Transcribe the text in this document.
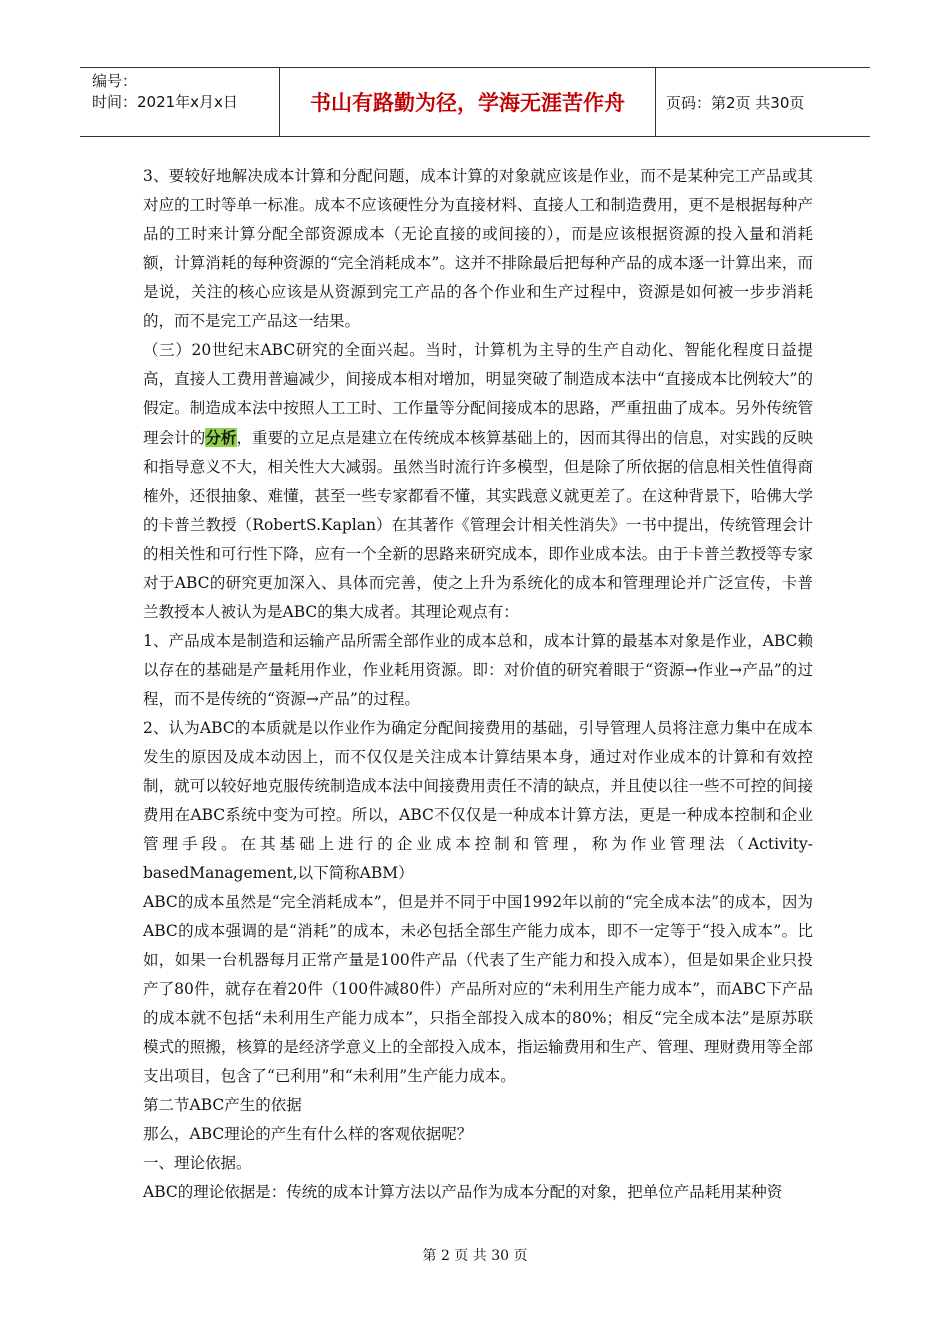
编号：
时间：2021年x月x日	书山有路勤为径，学海无涯苦作舟	页码：第2页 共30页

3、要较好地解决成本计算和分配问题，成本计算的对象就应该是作业，而不是某种完工产品或其对应的工时等单一标准。成本不应该硬性分为直接材料、直接人工和制造费用，更不是根据每种产品的工时来计算分配全部资源成本（无论直接的或间接的），而是应该根据资源的投入量和消耗额，计算消耗的每种资源的“完全消耗成本”。这并不排除最后把每种产品的成本逐一计算出来，而是说，关注的核心应该是从资源到完工产品的各个作业和生产过程中，资源是如何被一步步消耗的，而不是完工产品这一结果。

（三）20世纪末ABC研究的全面兴起。当时，计算机为主导的生产自动化、智能化程度日益提高，直接人工费用普遍减少，间接成本相对增加，明显突破了制造成本法中“直接成本比例较大”的假定。制造成本法中按照人工工时、工作量等分配间接成本的思路，严重扭曲了成本。另外传统管理会计的分析，重要的立足点是建立在传统成本核算基础上的，因而其得出的信息，对实践的反映和指导意义不大，相关性大大减弱。虽然当时流行许多模型，但是除了所依据的信息相关性值得商榷外，还很抽象、难懂，甚至一些专家都看不懂，其实践意义就更差了。在这种背景下，哈佛大学的卡普兰教授（RobertS.Kaplan）在其著作《管理会计相关性消失》一书中提出，传统管理会计的相关性和可行性下降，应有一个全新的思路来研究成本，即作业成本法。由于卡普兰教授等专家对于ABC的研究更加深入、具体而完善，使之上升为系统化的成本和管理理论并广泛宣传，卡普兰教授本人被认为是ABC的集大成者。其理论观点有：

1、产品成本是制造和运输产品所需全部作业的成本总和，成本计算的最基本对象是作业，ABC赖以存在的基础是产量耗用作业，作业耗用资源。即：对价值的研究着眼于“资源→作业→产品”的过程，而不是传统的“资源→产品”的过程。

2、认为ABC的本质就是以作业作为确定分配间接费用的基础，引导管理人员将注意力集中在成本发生的原因及成本动因上，而不仅仅是关注成本计算结果本身，通过对作业成本的计算和有效控制，就可以较好地克服传统制造成本法中间接费用责任不清的缺点，并且使以往一些不可控的间接费用在ABC系统中变为可控。所以，ABC不仅仅是一种成本计算方法，更是一种成本控制和企业管理手段。在其基础上进行的企业成本控制和管理，称为作业管理法（Activity-basedManagement,以下简称ABM）

ABC的成本虽然是“完全消耗成本”，但是并不同于中国1992年以前的“完全成本法”的成本，因为ABC的成本强调的是“消耗”的成本，未必包括全部生产能力成本，即不一定等于“投入成本”。比如，如果一台机器每月正常产量是100件产品（代表了生产能力和投入成本），但是如果企业只投产了80件，就存在着20件（100件减80件）产品所对应的“未利用生产能力成本”，而ABC下产品的成本就不包括“未利用生产能力成本”，只指全部投入成本的80%；相反“完全成本法”是原苏联模式的照搬，核算的是经济学意义上的全部投入成本，指运输费用和生产、管理、理财费用等全部支出项目，包含了“已利用”和“未利用”生产能力成本。

第二节ABC产生的依据

那么，ABC理论的产生有什么样的客观依据呢？

一、理论依据。

ABC的理论依据是：传统的成本计算方法以产品作为成本分配的对象，把单位产品耗用某种资

第 2 页 共 30 页
